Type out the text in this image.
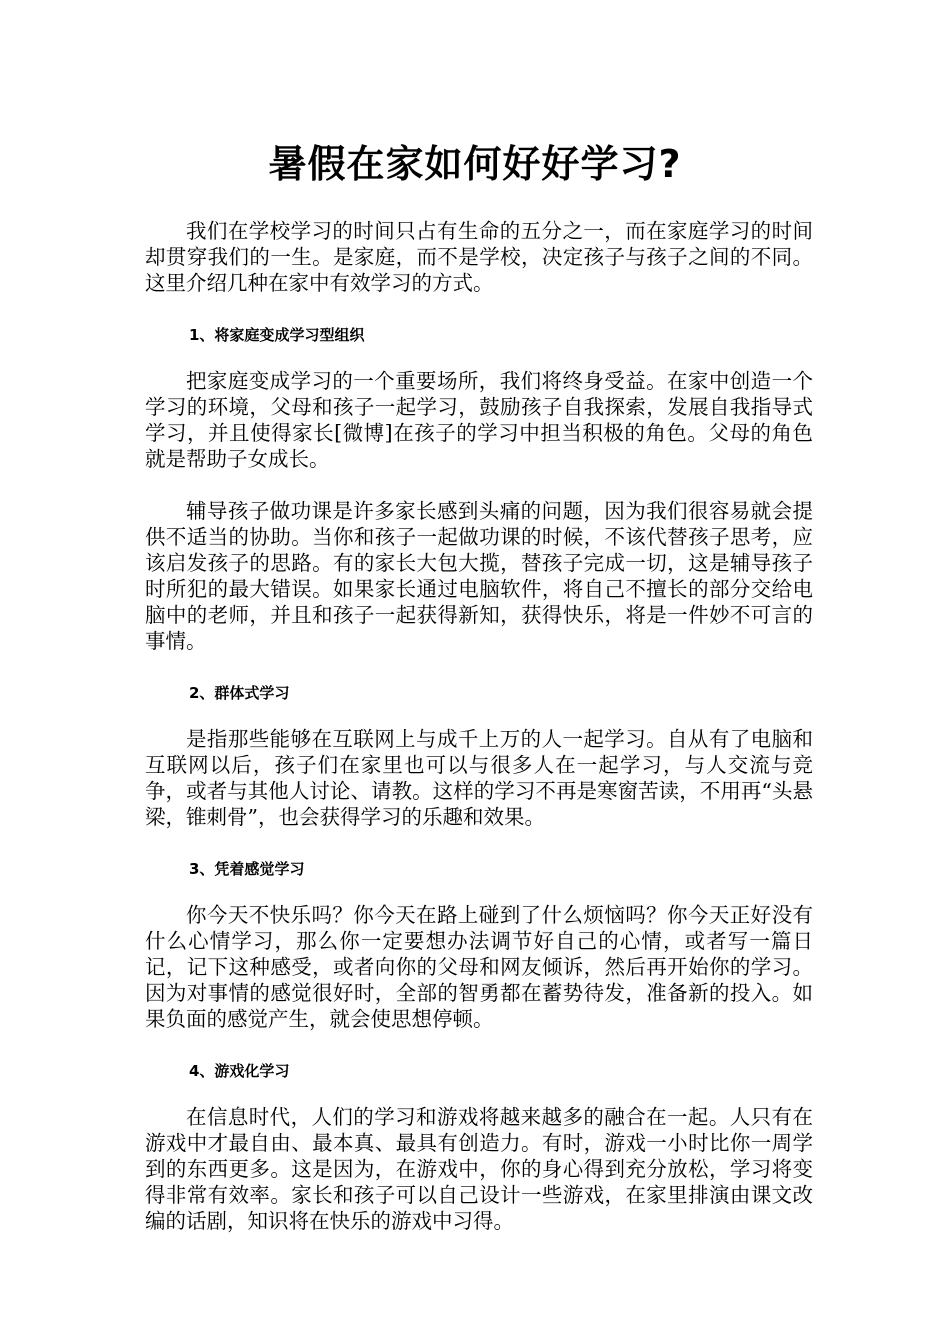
暑假在家如何好好学习?

我们在学校学习的时间只占有生命的五分之一，而在家庭学习的时间却贯穿我们的一生。是家庭，而不是学校，决定孩子与孩子之间的不同。这里介绍几种在家中有效学习的方式。

1、将家庭变成学习型组织

把家庭变成学习的一个重要场所，我们将终身受益。在家中创造一个学习的环境，父母和孩子一起学习，鼓励孩子自我探索，发展自我指导式学习，并且使得家长[微博]在孩子的学习中担当积极的角色。父母的角色就是帮助子女成长。

辅导孩子做功课是许多家长感到头痛的问题，因为我们很容易就会提供不适当的协助。当你和孩子一起做功课的时候，不该代替孩子思考，应该启发孩子的思路。有的家长大包大揽，替孩子完成一切，这是辅导孩子时所犯的最大错误。如果家长通过电脑软件，将自己不擅长的部分交给电脑中的老师，并且和孩子一起获得新知，获得快乐，将是一件妙不可言的事情。

2、群体式学习

是指那些能够在互联网上与成千上万的人一起学习。自从有了电脑和互联网以后，孩子们在家里也可以与很多人在一起学习，与人交流与竞争，或者与其他人讨论、请教。这样的学习不再是寒窗苦读，不用再“头悬梁，锥刺骨”，也会获得学习的乐趣和效果。

3、凭着感觉学习

你今天不快乐吗？你今天在路上碰到了什么烦恼吗？你今天正好没有什么心情学习，那么你一定要想办法调节好自己的心情，或者写一篇日记，记下这种感受，或者向你的父母和网友倾诉，然后再开始你的学习。因为对事情的感觉很好时，全部的智勇都在蓄势待发，准备新的投入。如果负面的感觉产生，就会使思想停顿。

4、游戏化学习

在信息时代，人们的学习和游戏将越来越多的融合在一起。人只有在游戏中才最自由、最本真、最具有创造力。有时，游戏一小时比你一周学到的东西更多。这是因为，在游戏中，你的身心得到充分放松，学习将变得非常有效率。家长和孩子可以自己设计一些游戏，在家里排演由课文改编的话剧，知识将在快乐的游戏中习得。
